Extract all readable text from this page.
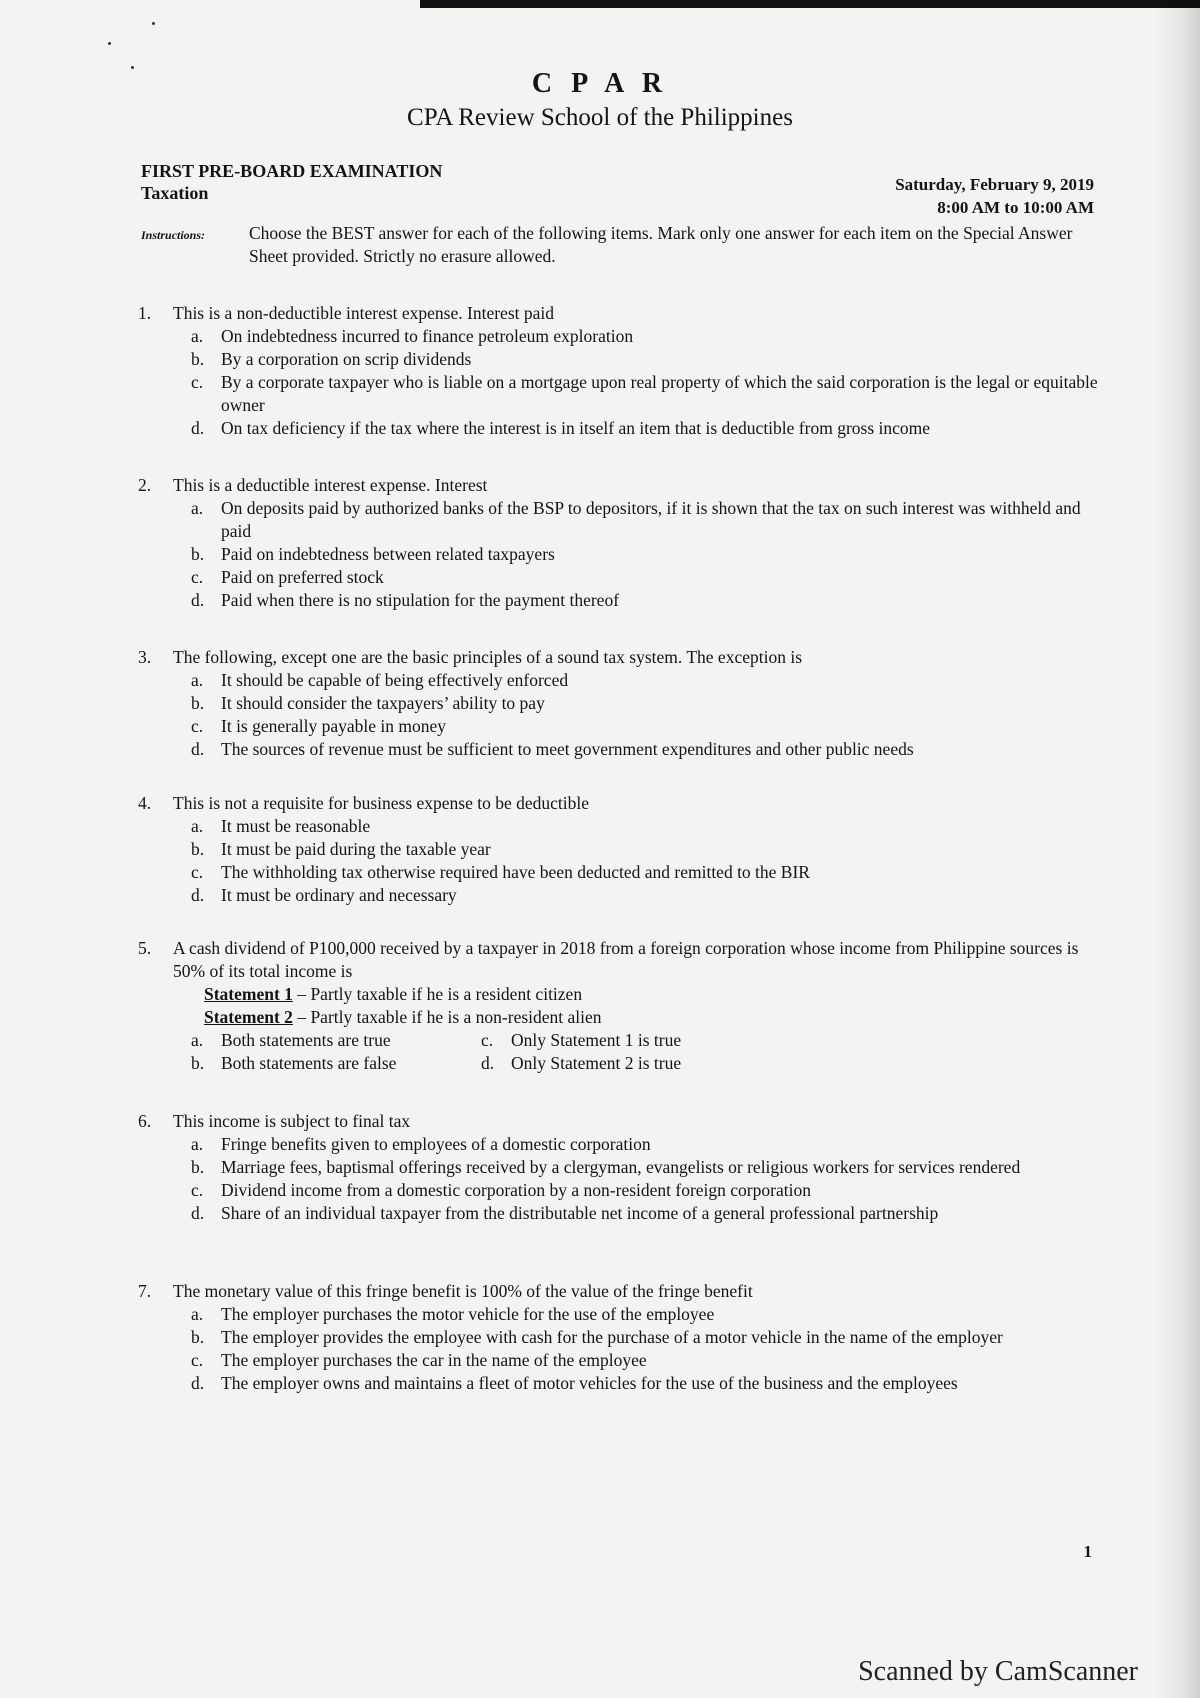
C P A R
CPA Review School of the Philippines
FIRST PRE-BOARD EXAMINATION
Taxation	Saturday, February 9, 2019
8:00 AM to 10:00 AM
Instructions:	Choose the BEST answer for each of the following items. Mark only one answer for each item on the Special Answer Sheet provided. Strictly no erasure allowed.
1. This is a non-deductible interest expense. Interest paid
a. On indebtedness incurred to finance petroleum exploration
b. By a corporation on scrip dividends
c. By a corporate taxpayer who is liable on a mortgage upon real property of which the said corporation is the legal or equitable owner
d. On tax deficiency if the tax where the interest is in itself an item that is deductible from gross income
2. This is a deductible interest expense. Interest
a. On deposits paid by authorized banks of the BSP to depositors, if it is shown that the tax on such interest was withheld and paid
b. Paid on indebtedness between related taxpayers
c. Paid on preferred stock
d. Paid when there is no stipulation for the payment thereof
3. The following, except one are the basic principles of a sound tax system. The exception is
a. It should be capable of being effectively enforced
b. It should consider the taxpayers’ ability to pay
c. It is generally payable in money
d. The sources of revenue must be sufficient to meet government expenditures and other public needs
4. This is not a requisite for business expense to be deductible
a. It must be reasonable
b. It must be paid during the taxable year
c. The withholding tax otherwise required have been deducted and remitted to the BIR
d. It must be ordinary and necessary
5. A cash dividend of P100,000 received by a taxpayer in 2018 from a foreign corporation whose income from Philippine sources is 50% of its total income is
Statement 1 – Partly taxable if he is a resident citizen
Statement 2 – Partly taxable if he is a non-resident alien
a. Both statements are true	c. Only Statement 1 is true
b. Both statements are false	d. Only Statement 2 is true
6. This income is subject to final tax
a. Fringe benefits given to employees of a domestic corporation
b. Marriage fees, baptismal offerings received by a clergyman, evangelists or religious workers for services rendered
c. Dividend income from a domestic corporation by a non-resident foreign corporation
d. Share of an individual taxpayer from the distributable net income of a general professional partnership
7. The monetary value of this fringe benefit is 100% of the value of the fringe benefit
a. The employer purchases the motor vehicle for the use of the employee
b. The employer provides the employee with cash for the purchase of a motor vehicle in the name of the employer
c. The employer purchases the car in the name of the employee
d. The employer owns and maintains a fleet of motor vehicles for the use of the business and the employees
1
Scanned by CamScanner
